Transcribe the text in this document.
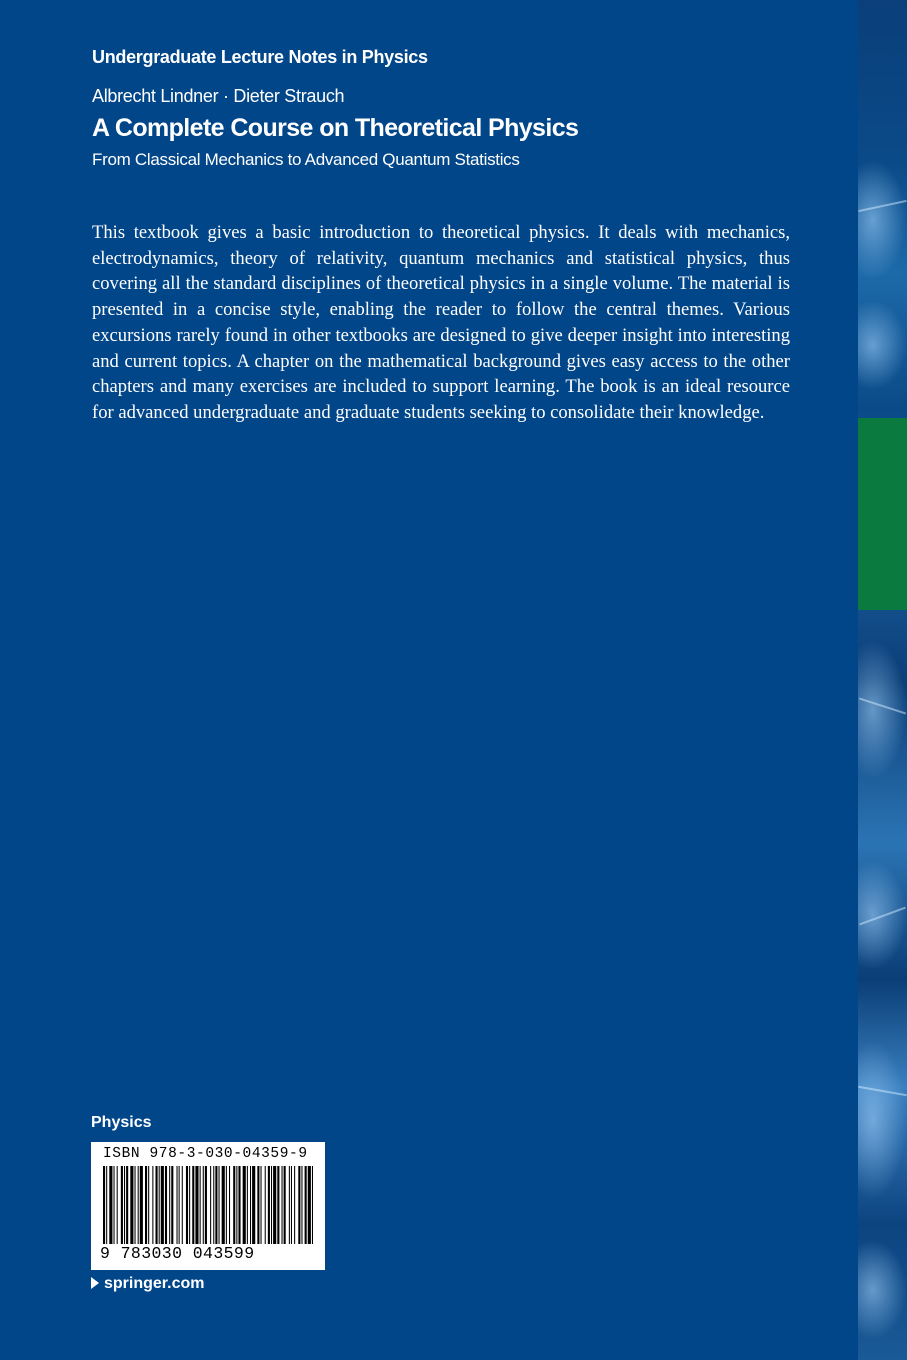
Undergraduate Lecture Notes in Physics
Albrecht Lindner · Dieter Strauch
A Complete Course on Theoretical Physics
From Classical Mechanics to Advanced Quantum Statistics

This textbook gives a basic introduction to theoretical physics. It deals with mechanics, electrodynamics, theory of relativity, quantum mechanics and statistical physics, thus covering all the standard disciplines of theoretical physics in a single volume. The material is presented in a concise style, enabling the reader to follow the central themes. Various excursions rarely found in other textbooks are designed to give deeper insight into interesting and current topics. A chapter on the mathematical background gives easy access to the other chapters and many exercises are included to support learning. The book is an ideal resource for advanced undergraduate and graduate students seeking to consolidate their knowledge.

Physics
ISBN 978-3-030-04359-9
9 783030 043599
springer.com
